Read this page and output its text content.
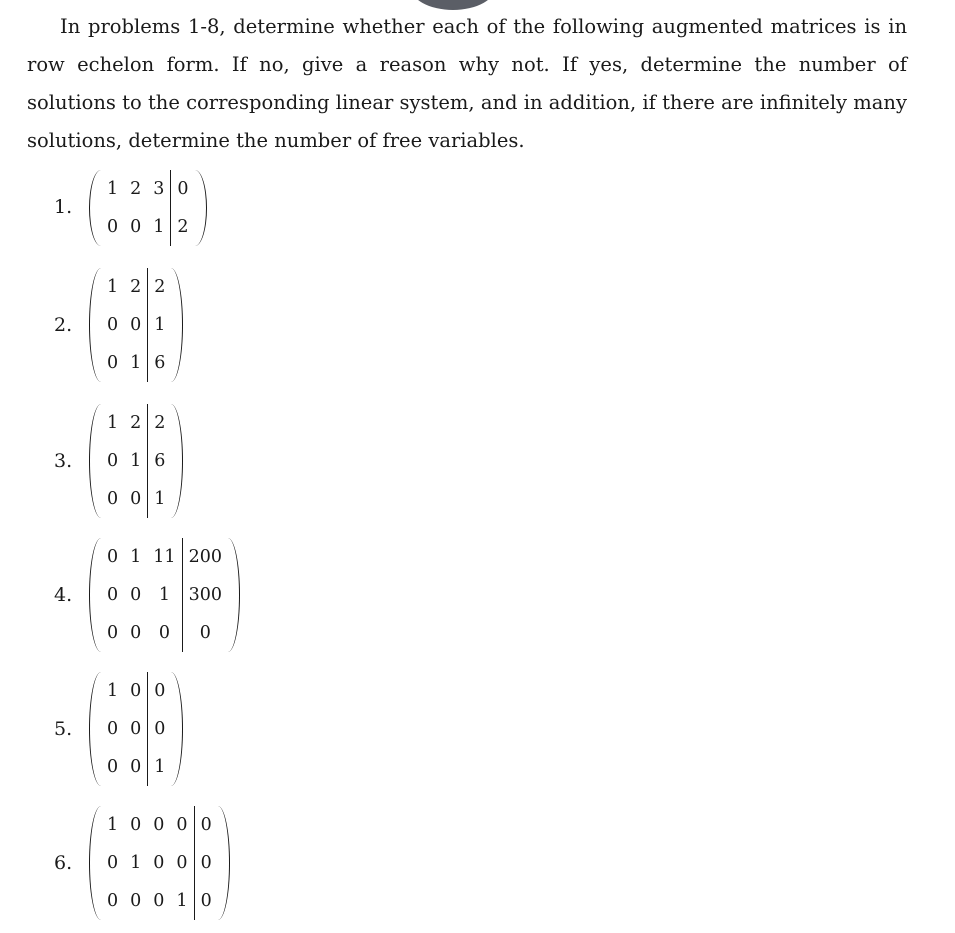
In problems 1-8, determine whether each of the following augmented matrices is in row echelon form. If no, give a reason why not. If yes, determine the number of solutions to the corresponding linear system, and in addition, if there are infinitely many solutions, determine the number of free variables.

1.
1	2	3	0
0	0	1	2
2.
1	2	2
0	0	1
0	1	6
3.
1	2	2
0	1	6
0	0	1
4.
0	1	11	200
0	0	1	300
0	0	0	0
5.
1	0	0
0	0	0
0	0	1
6.
1	0	0	0	0
0	1	0	0	0
0	0	0	1	0
